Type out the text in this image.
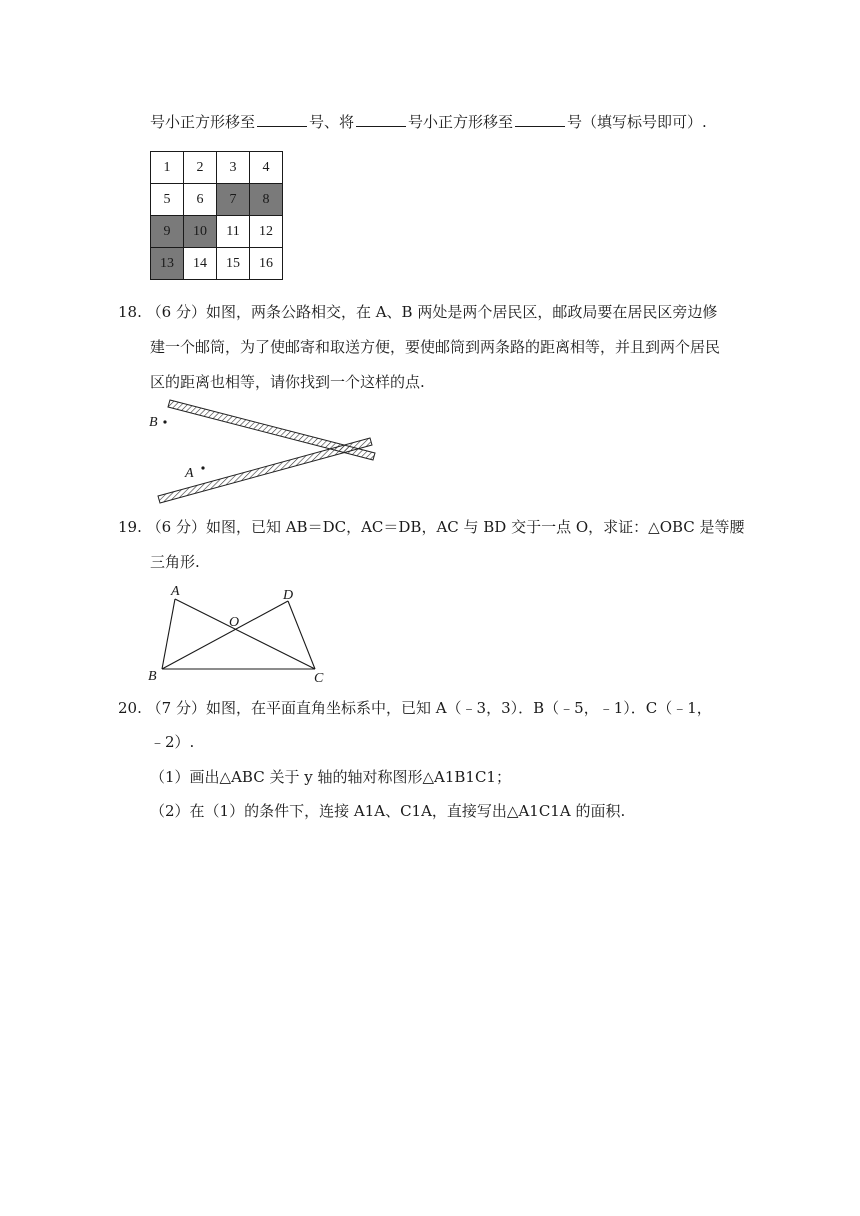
号小正方形移至	号、将	号小正方形移至	号（填写标号即可）.
1	2	3	4
5	6	7	8
9	10	11	12
13	14	15	16
18. （6 分）如图，两条公路相交，在 A、B 两处是两个居民区，邮政局要在居民区旁边修
建一个邮筒，为了使邮寄和取送方便，要使邮筒到两条路的距离相等，并且到两个居民
区的距离也相等，请你找到一个这样的点.
B
A
19. （6 分）如图，已知 AB＝DC，AC＝DB，AC 与 BD 交于一点 O，求证：△OBC 是等腰
三角形.
A	D
O
B	C
20. （7 分）如图，在平面直角坐标系中，已知 A（﹣3，3）．B（﹣5，﹣1）．C（﹣1，
﹣2）.
（1）画出△ABC 关于 y 轴的轴对称图形△A1B1C1；
（2）在（1）的条件下，连接 A1A、C1A，直接写出△A1C1A 的面积.
